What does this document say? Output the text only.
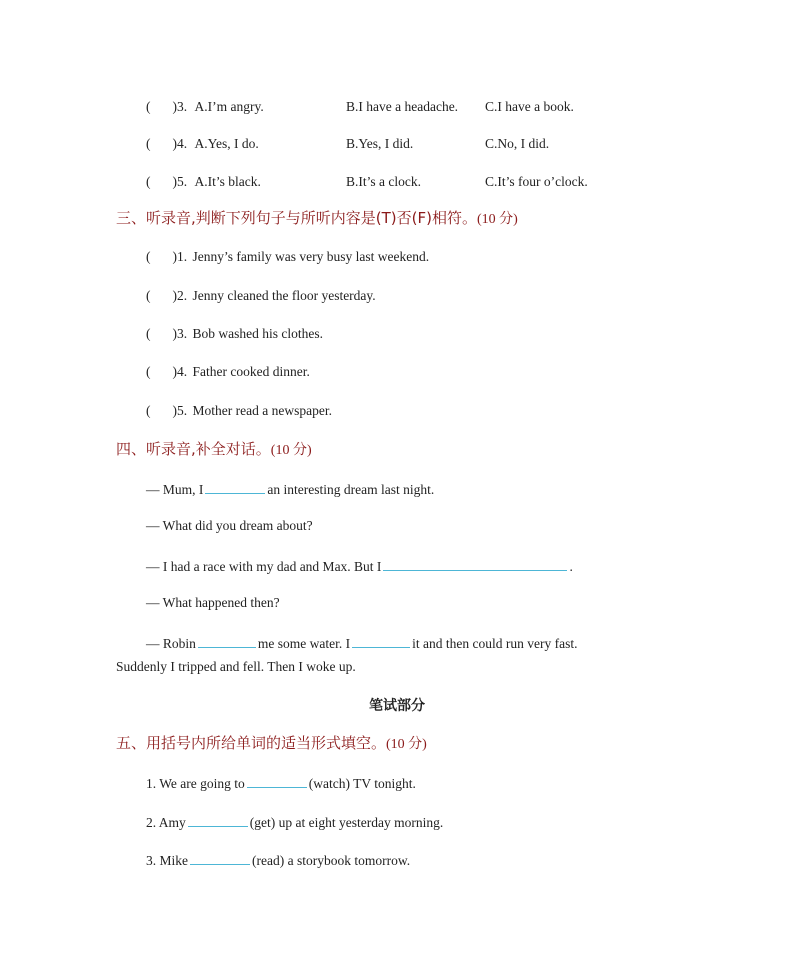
( )3. A.I’m angry.	B.I have a headache. C.I have a book.
( )4. A.Yes, I do.	B.Yes, I did.	C.No, I did.
( )5. A.It’s black.	B.It’s a clock.	C.It’s four o’clock.
三、听录音,判断下列句子与所听内容是(T)否(F)相符。(10 分)
( )1. Jenny’s family was very busy last weekend.
( )2. Jenny cleaned the floor yesterday.
( )3. Bob washed his clothes.
( )4. Father cooked dinner.
( )5. Mother read a newspaper.
四、听录音,补全对话。(10 分)
— Mum, I	an interesting dream last night.
— What did you dream about?
— I had a race with my dad and Max. But I	.
— What happened then?
— Robin	me some water. I	it and then could run very fast.
Suddenly I tripped and fell. Then I woke up.
笔试部分
五、用括号内所给单词的适当形式填空。(10 分)
1. We are going to	(watch) TV tonight.
2. Amy	(get) up at eight yesterday morning.
3. Mike	(read) a storybook tomorrow.
